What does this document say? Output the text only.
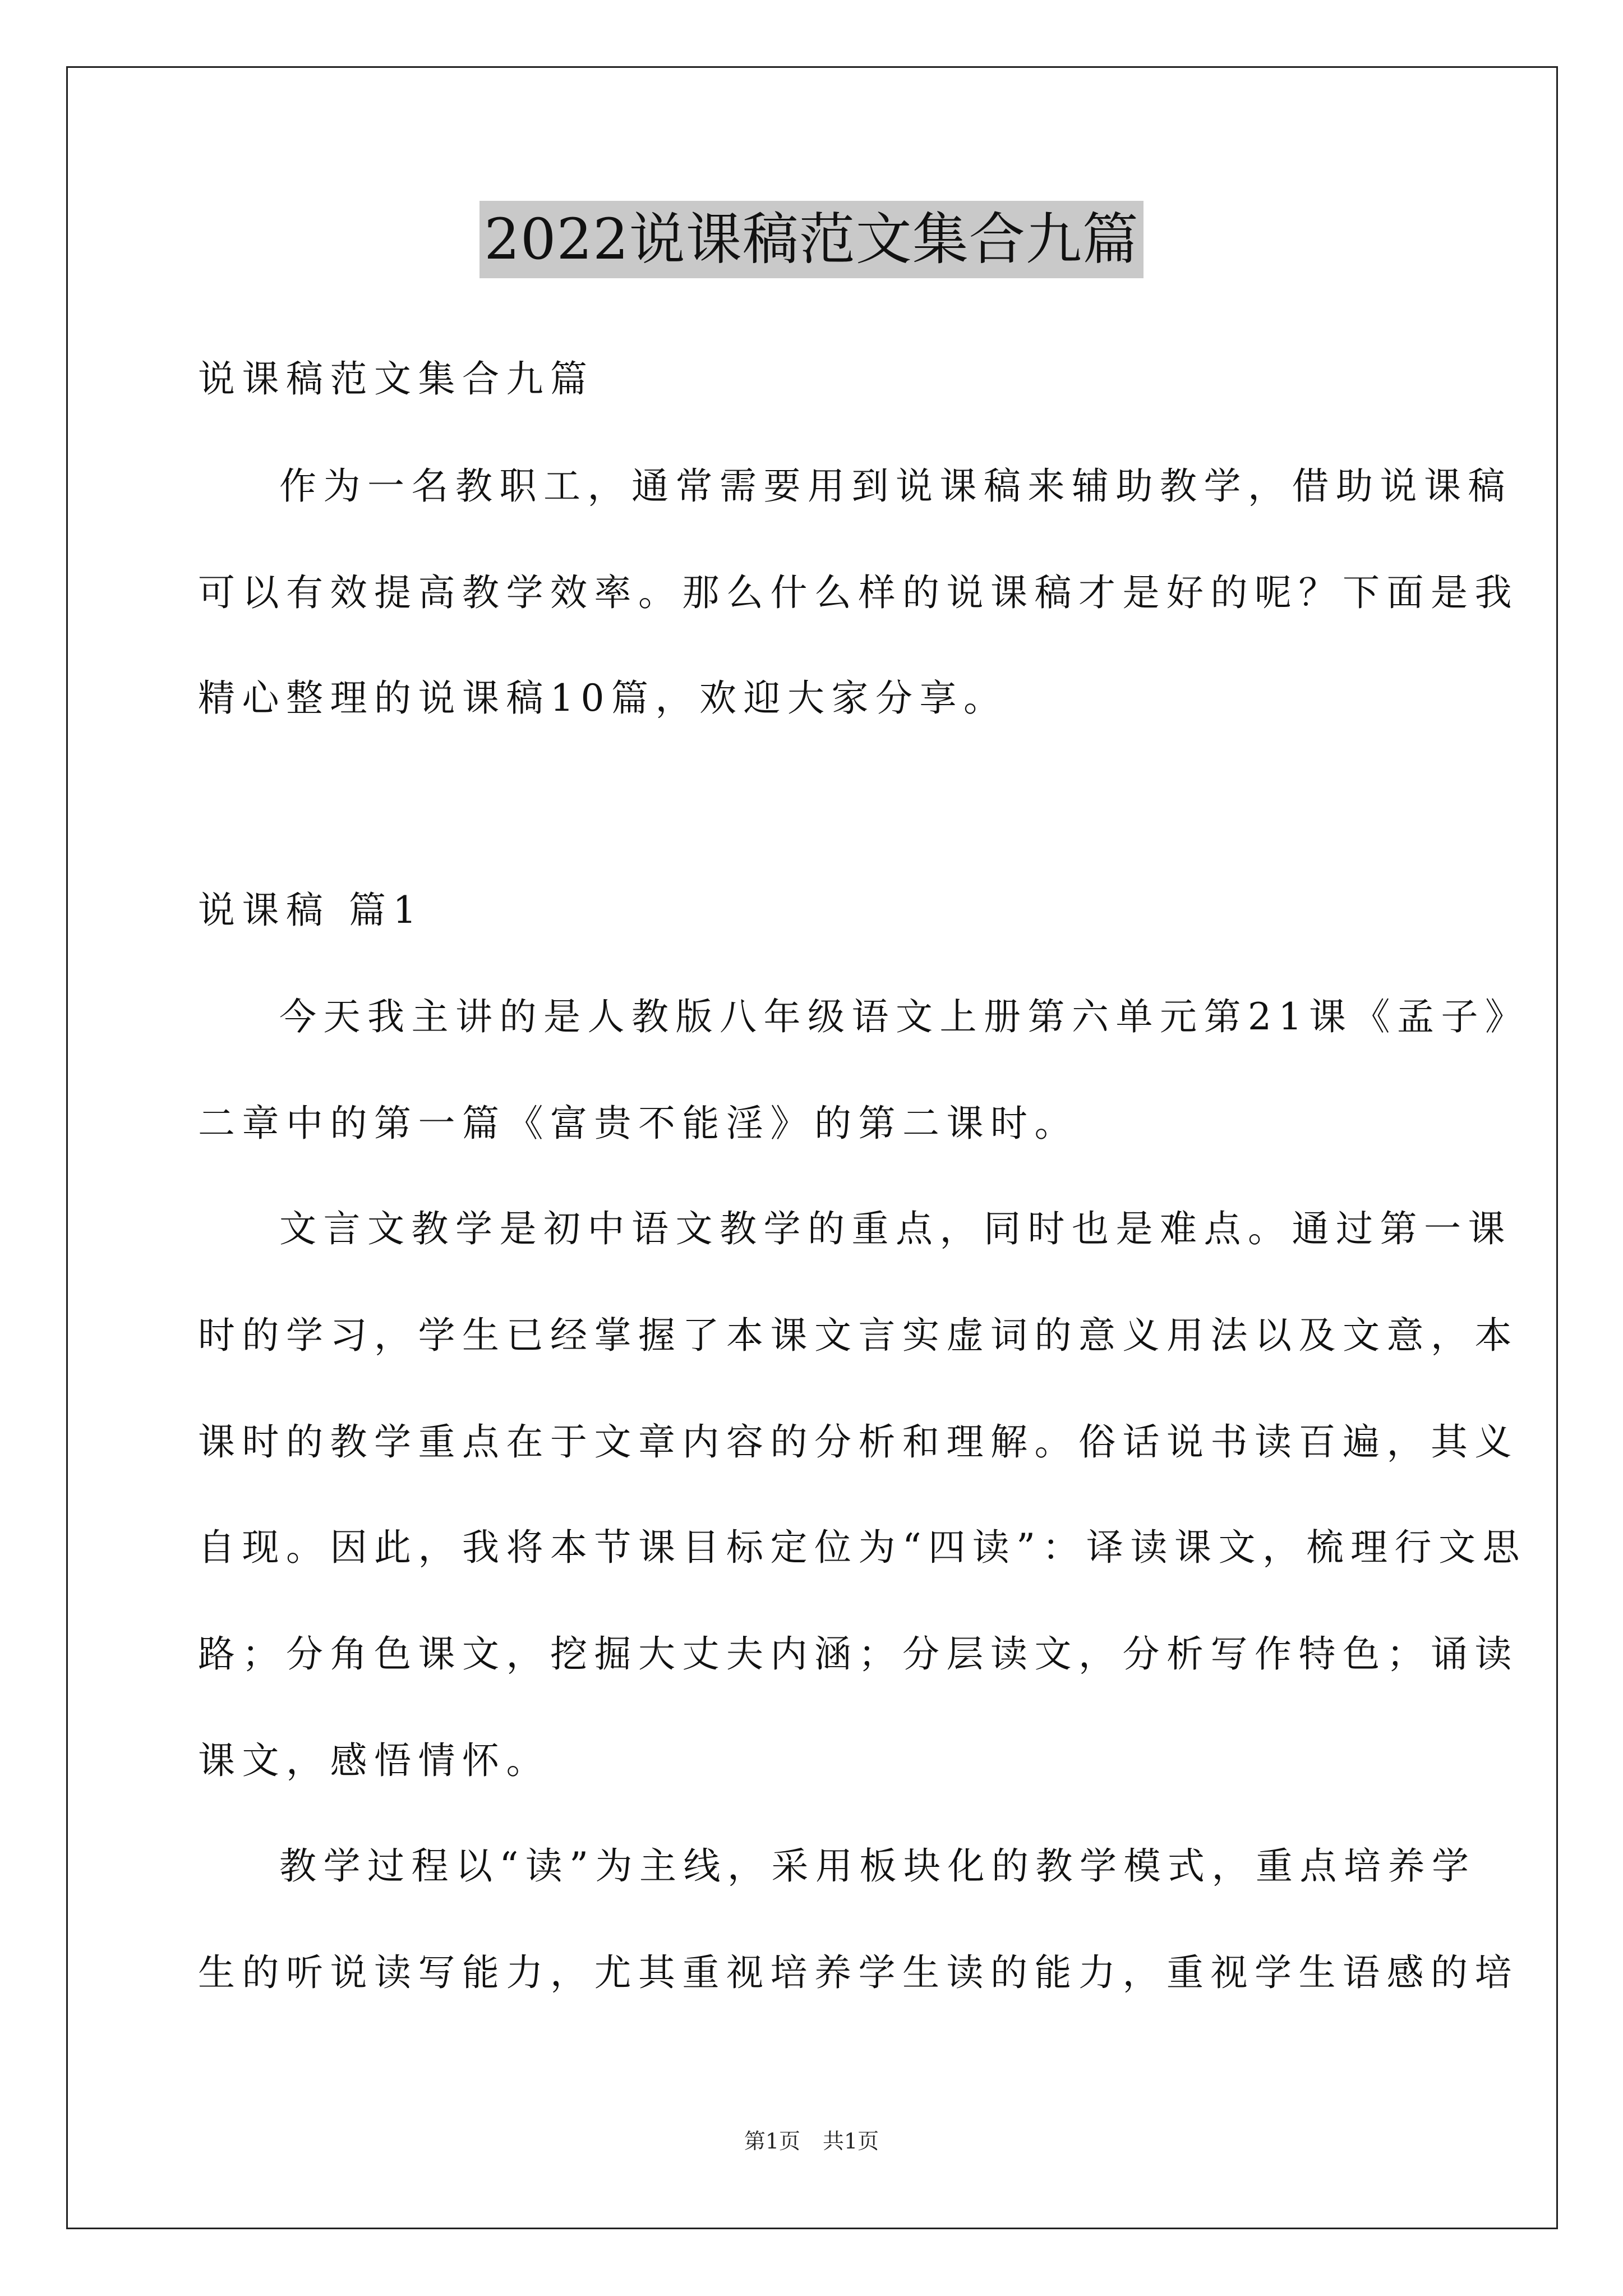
2022说课稿范文集合九篇
说课稿范文集合九篇
作为一名教职工，通常需要用到说课稿来辅助教学，借助说课稿
可以有效提高教学效率。那么什么样的说课稿才是好的呢？下面是我
精心整理的说课稿10篇，欢迎大家分享。
说课稿 篇1
今天我主讲的是人教版八年级语文上册第六单元第21课《孟子》
二章中的第一篇《富贵不能淫》的第二课时。
文言文教学是初中语文教学的重点，同时也是难点。通过第一课
时的学习，学生已经掌握了本课文言实虚词的意义用法以及文意，本
课时的教学重点在于文章内容的分析和理解。俗话说书读百遍，其义
自现。因此，我将本节课目标定位为“四读”：译读课文，梳理行文思
路；分角色课文，挖掘大丈夫内涵；分层读文，分析写作特色；诵读
课文，感悟情怀。
教学过程以“读”为主线，采用板块化的教学模式，重点培养学
生的听说读写能力，尤其重视培养学生读的能力，重视学生语感的培
第1页 共1页
